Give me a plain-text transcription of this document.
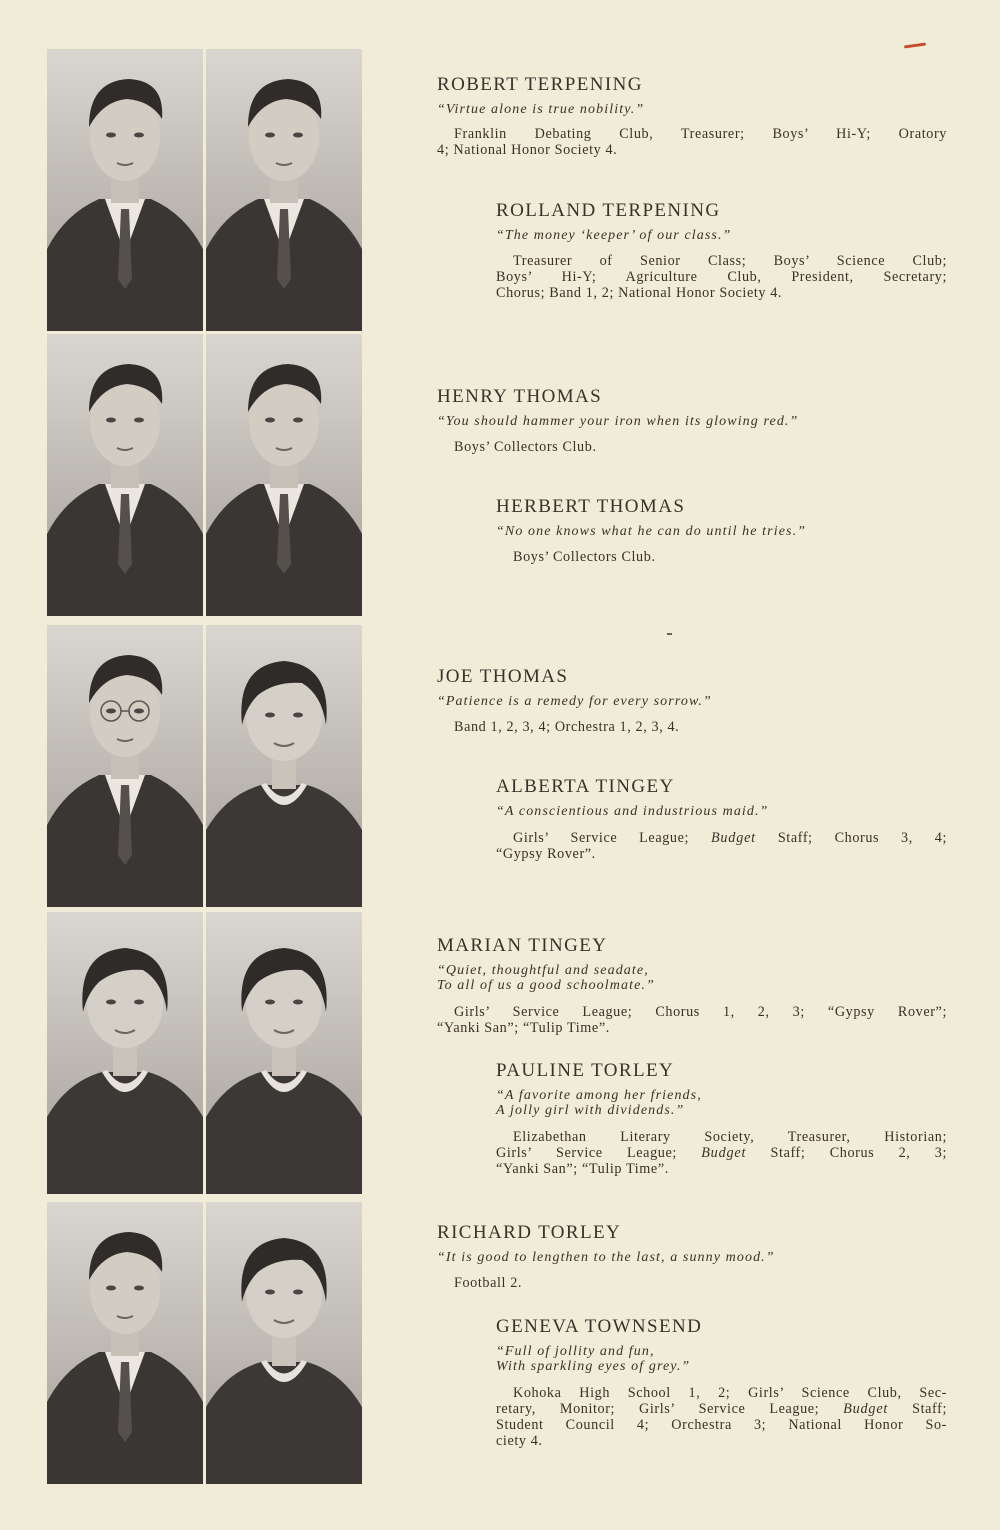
ROBERT TERPENING
“Virtue alone is true nobility.”
Franklin Debating Club, Treasurer; Boys’ Hi-Y; Oratory
4; National Honor Society 4.
ROLLAND TERPENING
“The money ‘keeper’ of our class.”
Treasurer of Senior Class; Boys’ Science Club;
Boys’ Hi-Y; Agriculture Club, President, Secretary;
Chorus; Band 1, 2; National Honor Society 4.
HENRY THOMAS
“You should hammer your iron when its glowing red.”
Boys’ Collectors Club.
HERBERT THOMAS
“No one knows what he can do until he tries.”
Boys’ Collectors Club.
JOE THOMAS
“Patience is a remedy for every sorrow.”
Band 1, 2, 3, 4; Orchestra 1, 2, 3, 4.
ALBERTA TINGEY
“A conscientious and industrious maid.”
Girls’ Service League; Budget Staff; Chorus 3, 4;
“Gypsy Rover”.
MARIAN TINGEY
“Quiet, thoughtful and seadate,
To all of us a good schoolmate.”
Girls’ Service League; Chorus 1, 2, 3; “Gypsy Rover”;
“Yanki San”; “Tulip Time”.
PAULINE TORLEY
“A favorite among her friends,
A jolly girl with dividends.”
Elizabethan Literary Society, Treasurer, Historian;
Girls’ Service League; Budget Staff; Chorus 2, 3;
“Yanki San”; “Tulip Time”.
RICHARD TORLEY
“It is good to lengthen to the last, a sunny mood.”
Football 2.
GENEVA TOWNSEND
“Full of jollity and fun,
With sparkling eyes of grey.”
Kohoka High School 1, 2; Girls’ Science Club, Sec-
retary, Monitor; Girls’ Service League; Budget Staff;
Student Council 4; Orchestra 3; National Honor So-
ciety 4.
